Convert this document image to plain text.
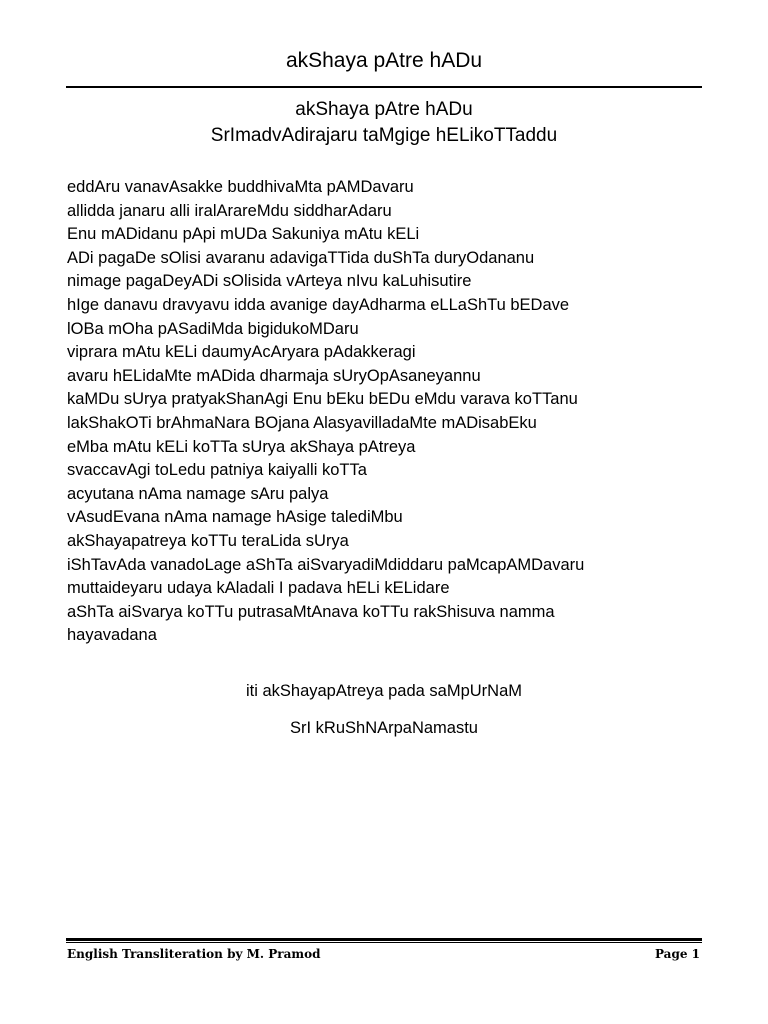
akShaya pAtre hADu
akShaya pAtre hADu
SrImadvAdirajaru taMgige hELikoTTaddu
eddAru vanavAsakke buddhivaMta pAMDavaru
allidda janaru alli iralArareMdu siddharAdaru
Enu mADidanu pApi mUDa Sakuniya mAtu kELi
ADi pagaDe sOlisi avaranu adavigaTTida duShTa duryOdananu
nimage pagaDeyADi sOlisida vArteya nIvu kaLuhisutire
hIge danavu dravyavu idda avanige dayAdharma eLLaShTu bEDave
lOBa mOha pASadiMda bigidukoMDaru
viprara mAtu kELi daumyAcAryara pAdakkeragi
avaru hELidaMte mADida dharmaja sUryOpAsaneyannu
kaMDu sUrya pratyakShanAgi Enu bEku bEDu eMdu varava koTTanu
lakShakOTi brAhmaNara BOjana AlasyavilladaMte mADisabEku
eMba mAtu kELi koTTa sUrya akShaya pAtreya
svaccavAgi toLedu patniya kaiyalli koTTa
acyutana nAma namage sAru palya
vAsudEvana nAma namage hAsige talediMbu
akShayapatreya koTTu teraLida sUrya
iShTavAda vanadoLage aShTa aiSvaryadiMdiddaru paMcapAMDavaru
muttaideyaru udaya kAladali I padava hELi kELidare
aShTa aiSvarya koTTu putrasaMtAnava koTTu rakShisuva namma
hayavadana
iti akShayapAtreya pada saMpUrNaM
SrI kRuShNArpaNamastu
English Transliteration by M. Pramod	Page 1
